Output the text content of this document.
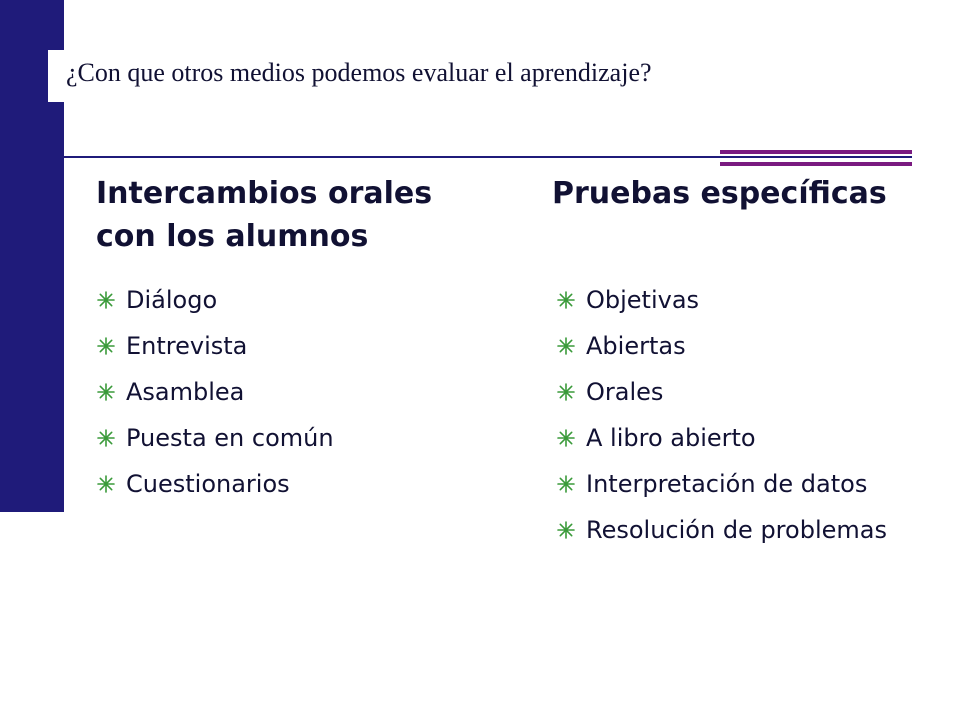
¿Con que otros medios podemos evaluar el aprendizaje?
Intercambios orales con los alumnos
Pruebas específicas
Diálogo
Entrevista
Asamblea
Puesta en común
Cuestionarios
Objetivas
Abiertas
Orales
A libro abierto
Interpretación de datos
Resolución de problemas
